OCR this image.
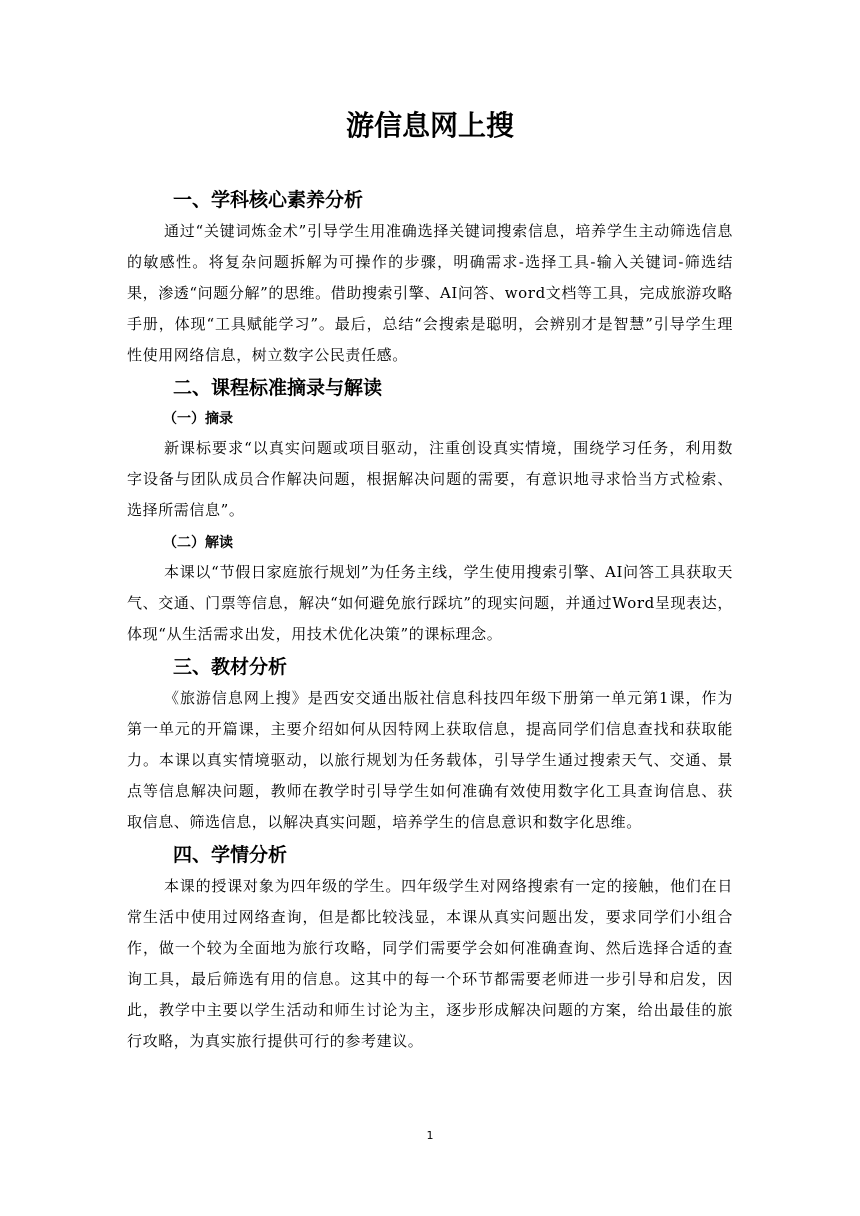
游信息网上搜
一、学科核心素养分析

通过“关键词炼金术”引导学生用准确选择关键词搜索信息，培养学生主动筛选信息的敏感性。将复杂问题拆解为可操作的步骤，明确需求-选择工具-输入关键词-筛选结果，渗透“问题分解”的思维。借助搜索引擎、AI问答、word文档等工具，完成旅游攻略手册，体现“工具赋能学习”。最后，总结“会搜索是聪明，会辨别才是智慧”引导学生理性使用网络信息，树立数字公民责任感。

二、课程标准摘录与解读
（一）摘录

新课标要求“以真实问题或项目驱动，注重创设真实情境，围绕学习任务，利用数字设备与团队成员合作解决问题，根据解决问题的需要，有意识地寻求恰当方式检索、选择所需信息”。

（二）解读

本课以“节假日家庭旅行规划”为任务主线，学生使用搜索引擎、AI问答工具获取天气、交通、门票等信息，解决“如何避免旅行踩坑”的现实问题，并通过Word呈现表达，体现“从生活需求出发，用技术优化决策”的课标理念。

三、教材分析

《旅游信息网上搜》是西安交通出版社信息科技四年级下册第一单元第1课，作为第一单元的开篇课，主要介绍如何从因特网上获取信息，提高同学们信息查找和获取能力。本课以真实情境驱动，以旅行规划为任务载体，引导学生通过搜索天气、交通、景点等信息解决问题，教师在教学时引导学生如何准确有效使用数字化工具查询信息、获取信息、筛选信息，以解决真实问题，培养学生的信息意识和数字化思维。

四、学情分析

本课的授课对象为四年级的学生。四年级学生对网络搜索有一定的接触，他们在日常生活中使用过网络查询，但是都比较浅显，本课从真实问题出发，要求同学们小组合作，做一个较为全面地为旅行攻略，同学们需要学会如何准确查询、然后选择合适的查询工具，最后筛选有用的信息。这其中的每一个环节都需要老师进一步引导和启发，因此，教学中主要以学生活动和师生讨论为主，逐步形成解决问题的方案，给出最佳的旅行攻略，为真实旅行提供可行的参考建议。

1
